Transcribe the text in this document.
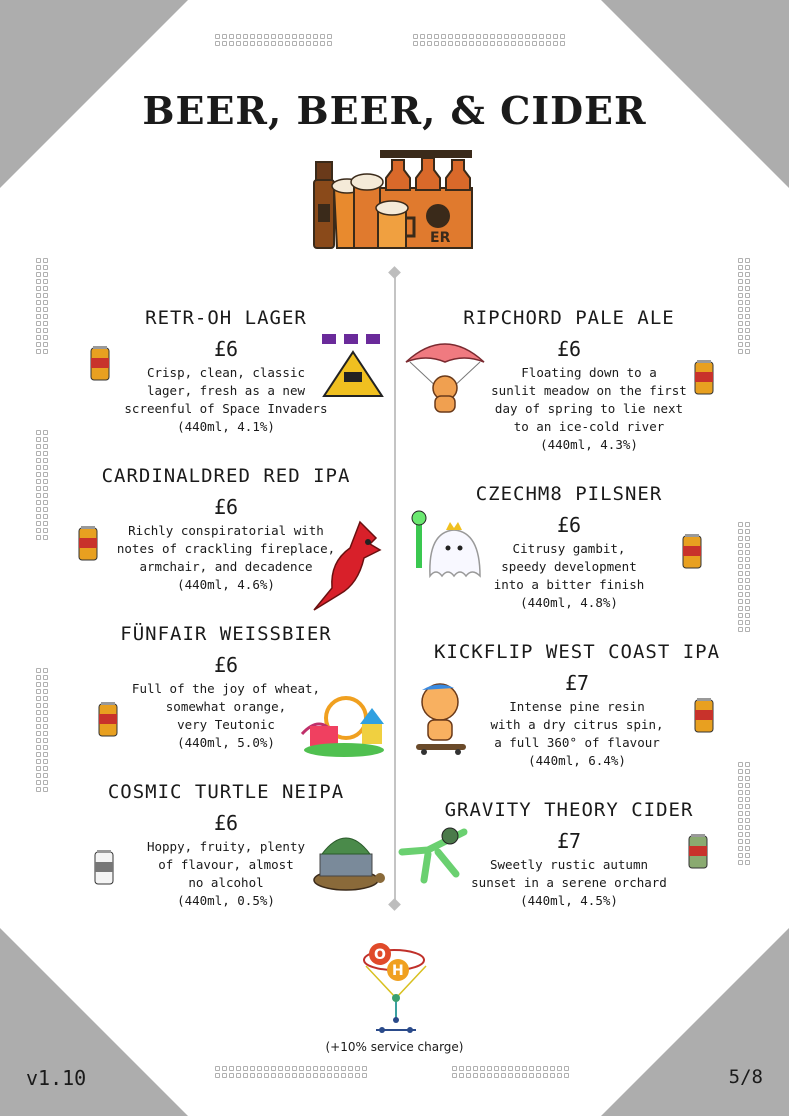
BEER, BEER, & CIDER
ER
RETR-OH LAGER
£6
Crisp, clean, classic
lager, fresh as a new
screenful of Space Invaders
(440ml, 4.1%)
RIPCHORD PALE ALE
£6
Floating down to a
sunlit meadow on the first
day of spring to lie next
to an ice-cold river
(440ml, 4.3%)
CARDINALDRED RED IPA
£6
Richly conspiratorial with
notes of crackling fireplace,
armchair, and decadence
(440ml, 4.6%)
CZECHM8 PILSNER
£6
Citrusy gambit,
speedy development
into a bitter finish
(440ml, 4.8%)
FÜNFAIR WEISSBIER
£6
Full of the joy of wheat,
somewhat orange,
very Teutonic
(440ml, 5.0%)
KICKFLIP WEST COAST IPA
£7
Intense pine resin
with a dry citrus spin,
a full 360° of flavour
(440ml, 6.4%)
COSMIC TURTLE NEIPA
£6
Hoppy, fruity, plenty
of flavour, almost
no alcohol
(440ml, 0.5%)
GRAVITY THEORY CIDER
£7
Sweetly rustic autumn
sunset in a serene orchard
(440ml, 4.5%)
O
H
(+10% service charge)
v1.10	5/8
